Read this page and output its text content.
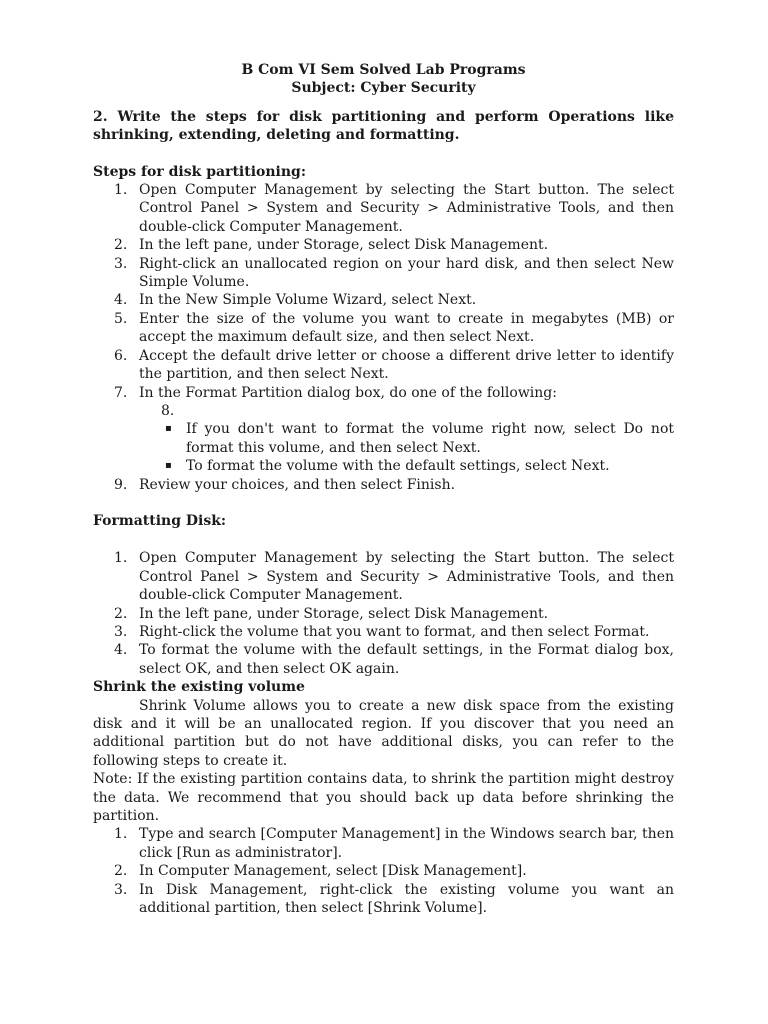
B Com VI Sem Solved Lab Programs
Subject: Cyber Security
2. Write the steps for disk partitioning and perform Operations like shrinking, extending, deleting and formatting.
Steps for disk partitioning:
1. Open Computer Management by selecting the Start button. The select Control Panel > System and Security > Administrative Tools, and then double-click Computer Management.
2. In the left pane, under Storage, select Disk Management.
3. Right-click an unallocated region on your hard disk, and then select New Simple Volume.
4. In the New Simple Volume Wizard, select Next.
5. Enter the size of the volume you want to create in megabytes (MB) or accept the maximum default size, and then select Next.
6. Accept the default drive letter or choose a different drive letter to identify the partition, and then select Next.
7. In the Format Partition dialog box, do one of the following:
8.
▪ If you don't want to format the volume right now, select Do not format this volume, and then select Next.
▪ To format the volume with the default settings, select Next.
9. Review your choices, and then select Finish.
Formatting Disk:
1. Open Computer Management by selecting the Start button. The select Control Panel > System and Security > Administrative Tools, and then double-click Computer Management.
2. In the left pane, under Storage, select Disk Management.
3. Right-click the volume that you want to format, and then select Format.
4. To format the volume with the default settings, in the Format dialog box, select OK, and then select OK again.
Shrink the existing volume
Shrink Volume allows you to create a new disk space from the existing disk and it will be an unallocated region. If you discover that you need an additional partition but do not have additional disks, you can refer to the following steps to create it.
Note: If the existing partition contains data, to shrink the partition might destroy the data. We recommend that you should back up data before shrinking the partition.
1. Type and search [Computer Management] in the Windows search bar, then click [Run as administrator].
2. In Computer Management, select [Disk Management].
3. In Disk Management, right-click the existing volume you want an additional partition, then select [Shrink Volume].
